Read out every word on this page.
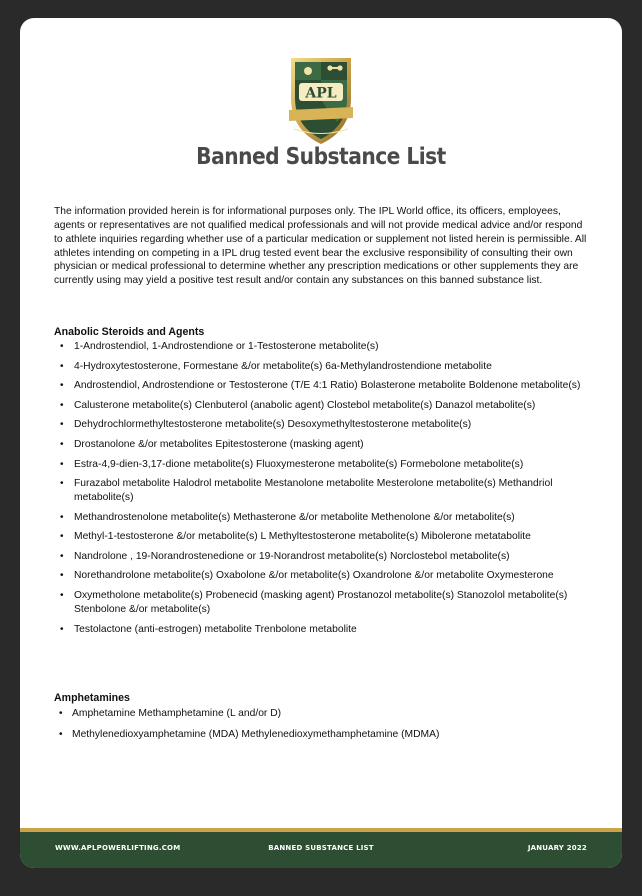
APL
Banned Substance List
The information provided herein is for informational purposes only. The IPL World office, its officers, employees, agents or representatives are not qualified medical professionals and will not provide medical advice and/or respond to athlete inquiries regarding whether use of a particular medication or supplement not listed herein is permissible. All athletes intending on competing in a IPL drug tested event bear the exclusive responsibility of consulting their own physician or medical professional to determine whether any prescription medications or other supplements they are currently using may yield a positive test result and/or contain any substances on this banned substance list.
Anabolic Steroids and Agents
• 1-Androstendiol, 1-Androstendione or 1-Testosterone metabolite(s)
• 4-Hydroxytestosterone, Formestane &/or metabolite(s) 6a-Methylandrostendione metabolite
• Androstendiol, Androstendione or Testosterone (T/E 4:1 Ratio) Bolasterone metabolite Boldenone metabolite(s)
• Calusterone metabolite(s) Clenbuterol (anabolic agent) Clostebol metabolite(s) Danazol metabolite(s)
• Dehydrochlormethyltestosterone metabolite(s) Desoxymethyltestosterone metabolite(s)
• Drostanolone &/or metabolites Epitestosterone (masking agent)
• Estra-4,9-dien-3,17-dione metabolite(s) Fluoxymesterone metabolite(s) Formebolone metabolite(s)
• Furazabol metabolite Halodrol metabolite Mestanolone metabolite Mesterolone metabolite(s) Methandriol metabolite(s)
• Methandrostenolone metabolite(s) Methasterone &/or metabolite Methenolone &/or metabolite(s)
• Methyl-1-testosterone &/or metabolite(s) L Methyltestosterone metabolite(s) Mibolerone metatabolite
• Nandrolone , 19-Norandrostenedione or 19-Norandrost metabolite(s) Norclostebol metabolite(s)
• Norethandrolone metabolite(s) Oxabolone &/or metabolite(s) Oxandrolone &/or metabolite Oxymesterone
• Oxymetholone metabolite(s) Probenecid (masking agent) Prostanozol metabolite(s) Stanozolol metabolite(s) Stenbolone &/or metabolite(s)
• Testolactone (anti-estrogen) metabolite Trenbolone metabolite
Amphetamines
• Amphetamine Methamphetamine (L and/or D)
• Methylenedioxyamphetamine (MDA) Methylenedioxymethamphetamine (MDMA)
WWW.APLPOWERLIFTING.COM	BANNED SUBSTANCE LIST	JANUARY 2022
